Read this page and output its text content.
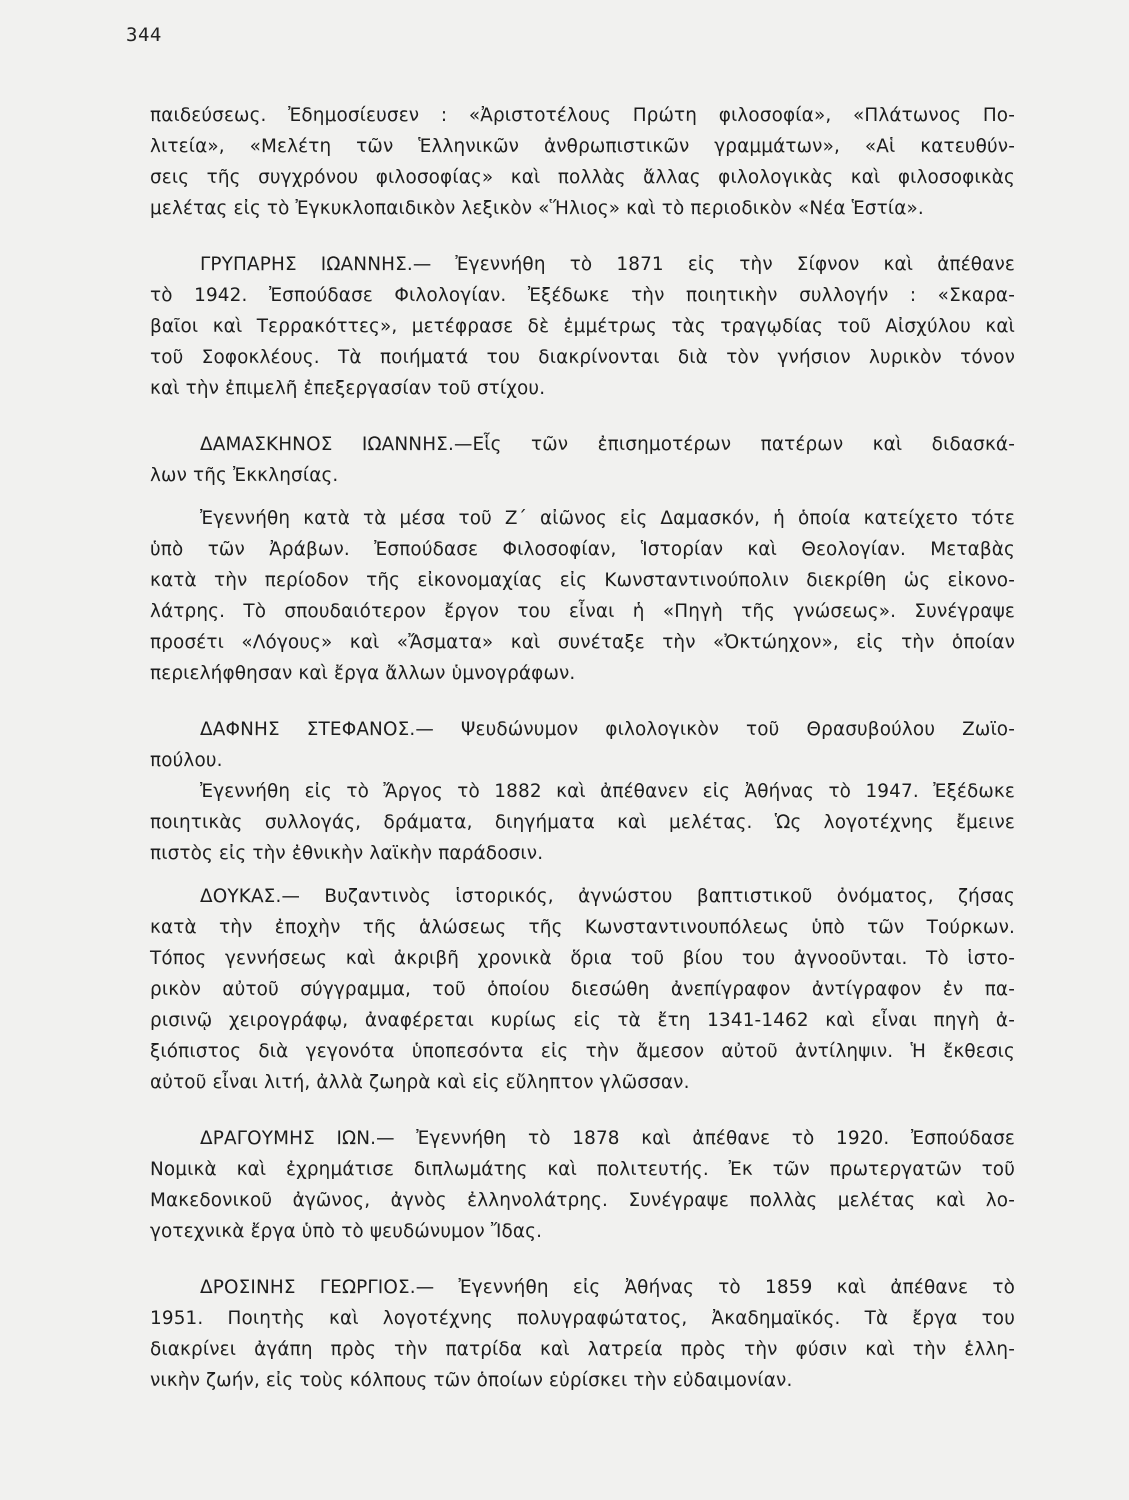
344
παιδεύσεως. Ἐδημοσίευσεν : «Ἀριστοτέλους Πρώτη φιλοσοφία», «Πλάτωνος Πο-
λιτεία», «Μελέτη τῶν Ἑλληνικῶν ἀνθρωπιστικῶν γραμμάτων», «Αἱ κατευθύν-
σεις τῆς συγχρόνου φιλοσοφίας» καὶ πολλὰς ἄλλας φιλολογικὰς καὶ φιλοσοφικὰς
μελέτας εἰς τὸ Ἐγκυκλοπαιδικὸν λεξικὸν «Ἥλιος» καὶ τὸ περιοδικὸν «Νέα Ἑστία».
ΓΡΥΠΑΡΗΣ ΙΩΑΝΝΗΣ.— Ἐγεννήθη τὸ 1871 εἰς τὴν Σίφνον καὶ ἀπέθανε
τὸ 1942. Ἐσπούδασε Φιλολογίαν. Ἐξέδωκε τὴν ποιητικὴν συλλογήν : «Σκαρα-
βαῖοι καὶ Τερρακόττες», μετέφρασε δὲ ἐμμέτρως τὰς τραγῳδίας τοῦ Αἰσχύλου καὶ
τοῦ Σοφοκλέους. Τὰ ποιήματά του διακρίνονται διὰ τὸν γνήσιον λυρικὸν τόνον
καὶ τὴν ἐπιμελῆ ἐπεξεργασίαν τοῦ στίχου.
ΔΑΜΑΣΚΗΝΟΣ ΙΩΑΝΝΗΣ.—Εἷς τῶν ἐπισημοτέρων πατέρων καὶ διδασκά-
λων τῆς Ἐκκλησίας.
Ἐγεννήθη κατὰ τὰ μέσα τοῦ Ζ΄ αἰῶνος εἰς Δαμασκόν, ἡ ὁποία κατείχετο τότε
ὑπὸ τῶν Ἀράβων. Ἐσπούδασε Φιλοσοφίαν, Ἱστορίαν καὶ Θεολογίαν. Μεταβὰς
κατὰ τὴν περίοδον τῆς εἰκονομαχίας εἰς Κωνσταντινούπολιν διεκρίθη ὡς εἰκονο-
λάτρης. Τὸ σπουδαιότερον ἔργον του εἶναι ἡ «Πηγὴ τῆς γνώσεως». Συνέγραψε
προσέτι «Λόγους» καὶ «Ἄσματα» καὶ συνέταξε τὴν «Ὀκτώηχον», εἰς τὴν ὁποίαν
περιελήφθησαν καὶ ἔργα ἄλλων ὑμνογράφων.
ΔΑΦΝΗΣ ΣΤΕΦΑΝΟΣ.— Ψευδώνυμον φιλολογικὸν τοῦ Θρασυβούλου Ζωϊο-
πούλου.
Ἐγεννήθη εἰς τὸ Ἄργος τὸ 1882 καὶ ἀπέθανεν εἰς Ἀθήνας τὸ 1947. Ἐξέδωκε
ποιητικὰς συλλογάς, δράματα, διηγήματα καὶ μελέτας. Ὡς λογοτέχνης ἔμεινε
πιστὸς εἰς τὴν ἐθνικὴν λαϊκὴν παράδοσιν.
ΔΟΥΚΑΣ.— Βυζαντινὸς ἱστορικός, ἀγνώστου βαπτιστικοῦ ὀνόματος, ζήσας
κατὰ τὴν ἐποχὴν τῆς ἁλώσεως τῆς Κωνσταντινουπόλεως ὑπὸ τῶν Τούρκων.
Τόπος γεννήσεως καὶ ἀκριβῆ χρονικὰ ὅρια τοῦ βίου του ἀγνοοῦνται. Τὸ ἱστο-
ρικὸν αὐτοῦ σύγγραμμα, τοῦ ὁποίου διεσώθη ἀνεπίγραφον ἀντίγραφον ἐν πα-
ρισινῷ χειρογράφῳ, ἀναφέρεται κυρίως εἰς τὰ ἔτη 1341-1462 καὶ εἶναι πηγὴ ἀ-
ξιόπιστος διὰ γεγονότα ὑποπεσόντα εἰς τὴν ἄμεσον αὐτοῦ ἀντίληψιν. Ἡ ἔκθεσις
αὐτοῦ εἶναι λιτή, ἀλλὰ ζωηρὰ καὶ εἰς εὔληπτον γλῶσσαν.
ΔΡΑΓΟΥΜΗΣ ΙΩΝ.— Ἐγεννήθη τὸ 1878 καὶ ἀπέθανε τὸ 1920. Ἐσπούδασε
Νομικὰ καὶ ἐχρημάτισε διπλωμάτης καὶ πολιτευτής. Ἐκ τῶν πρωτεργατῶν τοῦ
Μακεδονικοῦ ἀγῶνος, ἀγνὸς ἐλληνολάτρης. Συνέγραψε πολλὰς μελέτας καὶ λο-
γοτεχνικὰ ἔργα ὑπὸ τὸ ψευδώνυμον Ἴδας.
ΔΡΟΣΙΝΗΣ ΓΕΩΡΓΙΟΣ.— Ἐγεννήθη εἰς Ἀθήνας τὸ 1859 καὶ ἀπέθανε τὸ
1951. Ποιητὴς καὶ λογοτέχνης πολυγραφώτατος, Ἀκαδημαϊκός. Τὰ ἔργα του
διακρίνει ἀγάπη πρὸς τὴν πατρίδα καὶ λατρεία πρὸς τὴν φύσιν καὶ τὴν ἑλλη-
νικὴν ζωήν, εἰς τοὺς κόλπους τῶν ὁποίων εὑρίσκει τὴν εὐδαιμονίαν.
